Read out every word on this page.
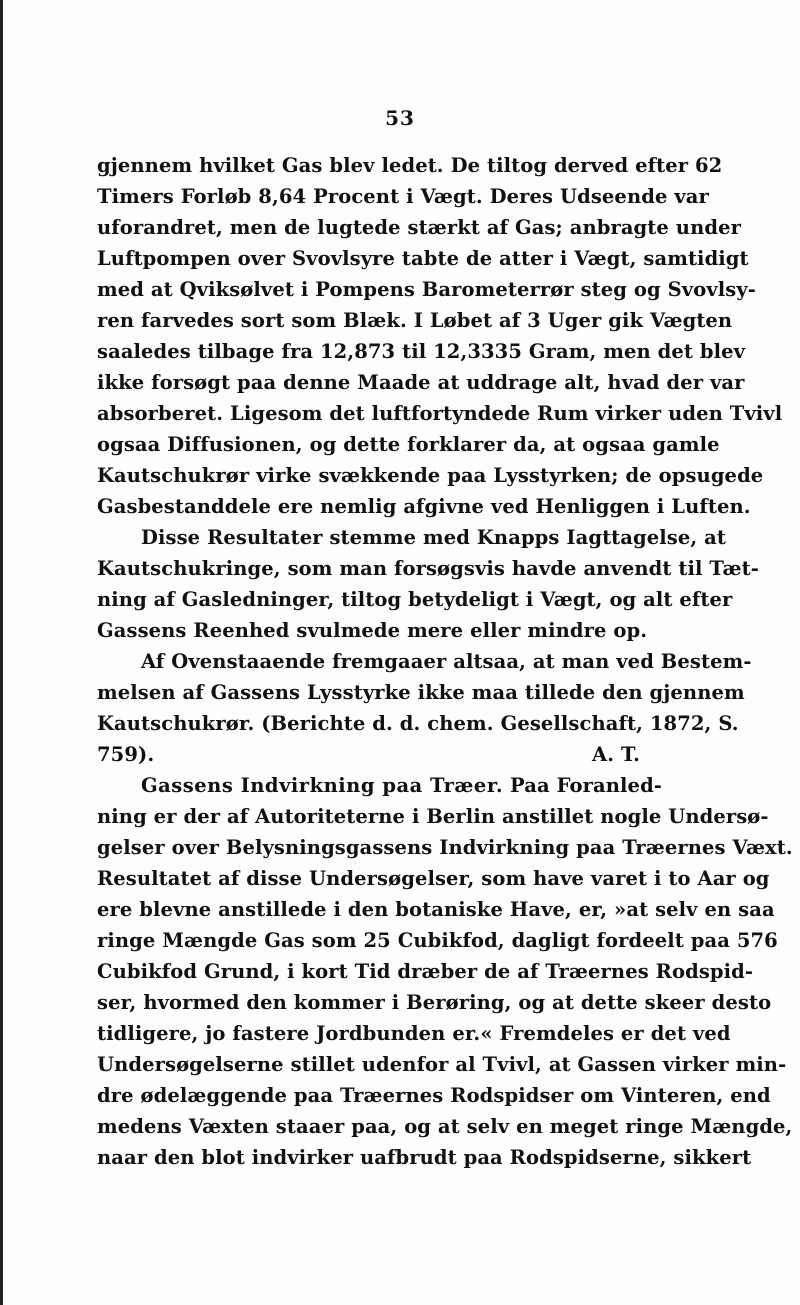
53
gjennem hvilket Gas blev ledet. De tiltog derved efter 62
Timers Forløb 8,64 Procent i Vægt. Deres Udseende var
uforandret, men de lugtede stærkt af Gas; anbragte under
Luftpompen over Svovlsyre tabte de atter i Vægt, samtidigt
med at Qviksølvet i Pompens Barometerrør steg og Svovlsy-
ren farvedes sort som Blæk. I Løbet af 3 Uger gik Vægten
saaledes tilbage fra 12,873 til 12,3335 Gram, men det blev
ikke forsøgt paa denne Maade at uddrage alt, hvad der var
absorberet. Ligesom det luftfortyndede Rum virker uden Tvivl
ogsaa Diffusionen, og dette forklarer da, at ogsaa gamle
Kautschukrør virke svækkende paa Lysstyrken; de opsugede
Gasbestanddele ere nemlig afgivne ved Henliggen i Luften.
Disse Resultater stemme med Knapps Iagttagelse, at
Kautschukringe, som man forsøgsvis havde anvendt til Tæt-
ning af Gasledninger, tiltog betydeligt i Vægt, og alt efter
Gassens Reenhed svulmede mere eller mindre op.
Af Ovenstaaende fremgaaer altsaa, at man ved Bestem-
melsen af Gassens Lysstyrke ikke maa tillede den gjennem
Kautschukrør. (Berichte d. d. chem. Gesellschaft, 1872, S.
759).	A. T.
Gassens Indvirkning paa Træer. Paa Foranled-
ning er der af Autoriteterne i Berlin anstillet nogle Undersø-
gelser over Belysningsgassens Indvirkning paa Træernes Væxt.
Resultatet af disse Undersøgelser, som have varet i to Aar og
ere blevne anstillede i den botaniske Have, er, »at selv en saa
ringe Mængde Gas som 25 Cubikfod, dagligt fordeelt paa 576
Cubikfod Grund, i kort Tid dræber de af Træernes Rodspid-
ser, hvormed den kommer i Berøring, og at dette skeer desto
tidligere, jo fastere Jordbunden er.« Fremdeles er det ved
Undersøgelserne stillet udenfor al Tvivl, at Gassen virker min-
dre ødelæggende paa Træernes Rodspidser om Vinteren, end
medens Væxten staaer paa, og at selv en meget ringe Mængde,
naar den blot indvirker uafbrudt paa Rodspidserne, sikkert
